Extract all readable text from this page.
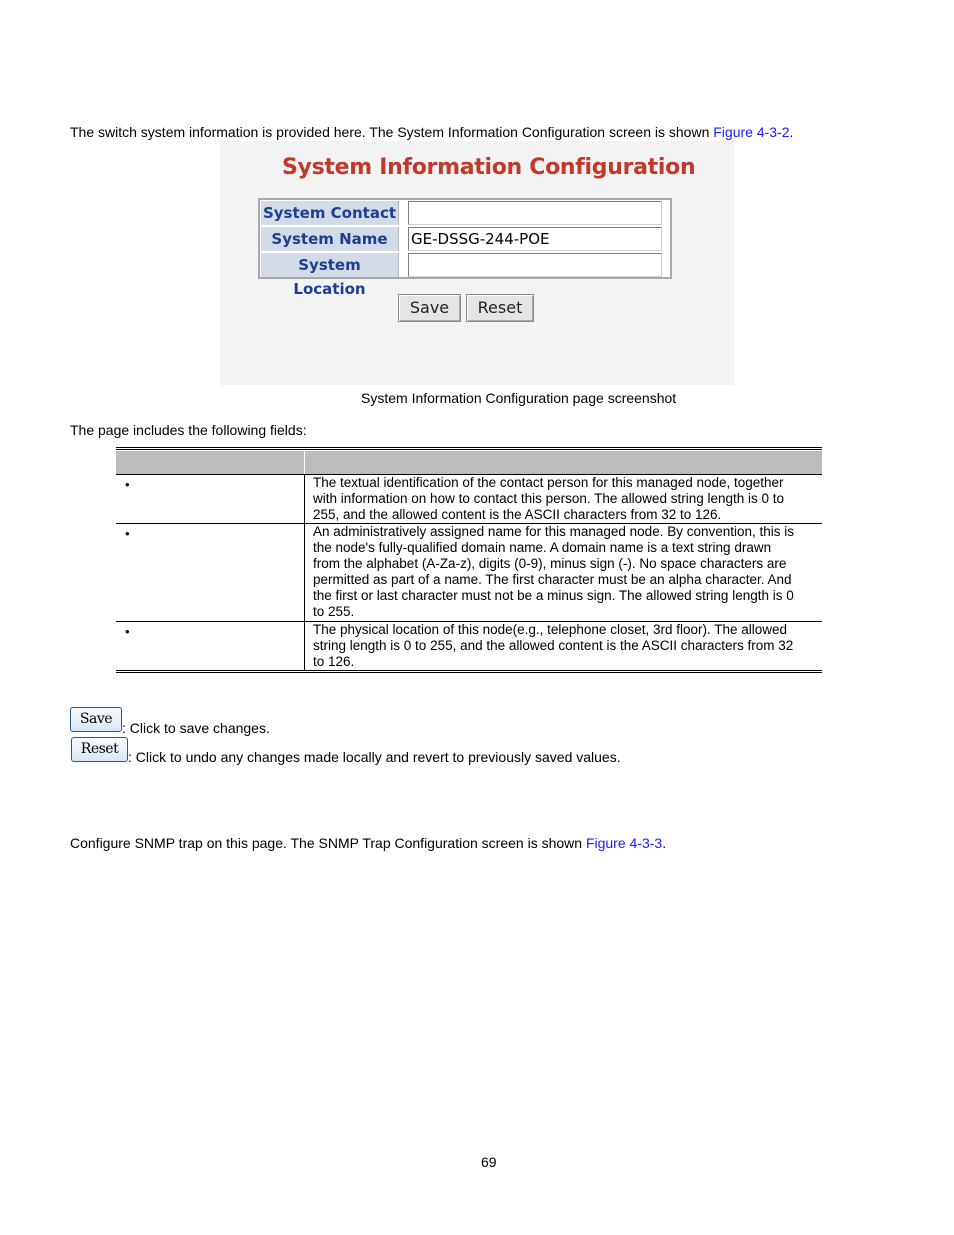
The switch system information is provided here. The System Information Configuration screen is shown Figure 4-3-2.

System Information Configuration
System Contact
System Name	GE-DSSG-244-POE
System Location
Save	Reset

System Information Configuration page screenshot

The page includes the following fields:

•	The textual identification of the contact person for this managed node, together
with information on how to contact this person. The allowed string length is 0 to
255, and the allowed content is the ASCII characters from 32 to 126.
•	An administratively assigned name for this managed node. By convention, this is
the node's fully-qualified domain name. A domain name is a text string drawn
from the alphabet (A-Za-z), digits (0-9), minus sign (-). No space characters are
permitted as part of a name. The first character must be an alpha character. And
the first or last character must not be a minus sign. The allowed string length is 0
to 255.
•	The physical location of this node(e.g., telephone closet, 3rd floor). The allowed
string length is 0 to 255, and the allowed content is the ASCII characters from 32
to 126.
Save

: Click to save changes.

Reset : Click to undo any changes made locally and revert to previously saved values.

Configure SNMP trap on this page. The SNMP Trap Configuration screen is shown Figure 4-3-3.

69
